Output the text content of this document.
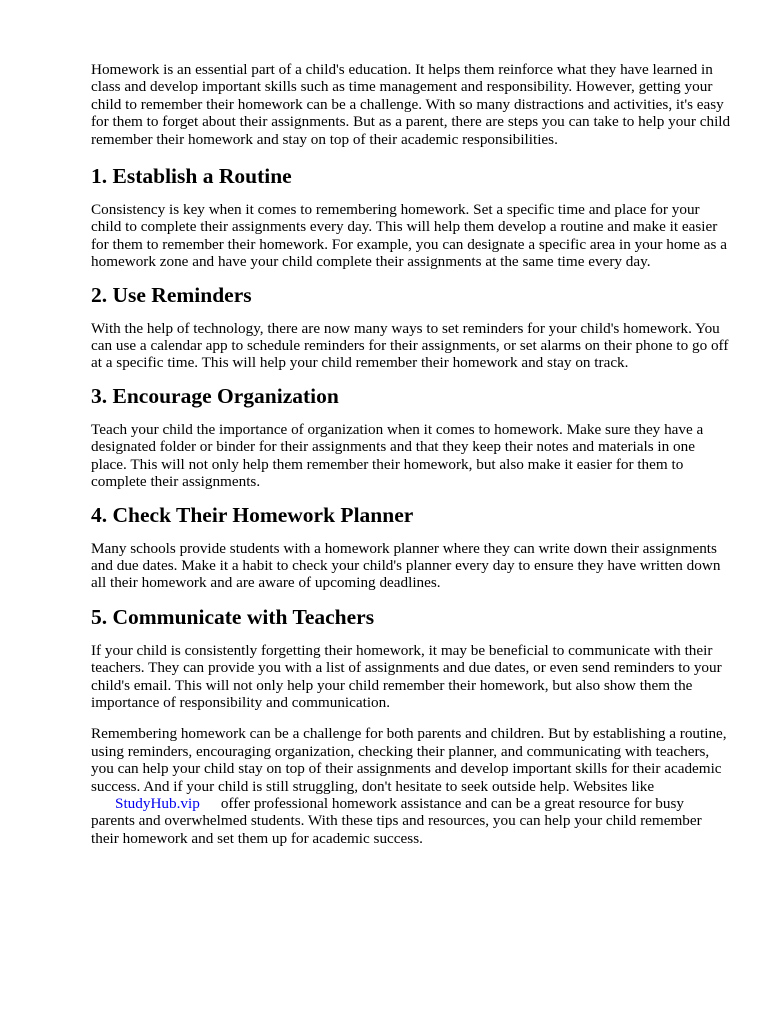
Homework is an essential part of a child's education. It helps them reinforce what they have learned in class and develop important skills such as time management and responsibility. However, getting your child to remember their homework can be a challenge. With so many distractions and activities, it's easy for them to forget about their assignments. But as a parent, there are steps you can take to help your child remember their homework and stay on top of their academic responsibilities.

1. Establish a Routine

Consistency is key when it comes to remembering homework. Set a specific time and place for your child to complete their assignments every day. This will help them develop a routine and make it easier for them to remember their homework. For example, you can designate a specific area in your home as a homework zone and have your child complete their assignments at the same time every day.

2. Use Reminders

With the help of technology, there are now many ways to set reminders for your child's homework. You can use a calendar app to schedule reminders for their assignments, or set alarms on their phone to go off at a specific time. This will help your child remember their homework and stay on track.

3. Encourage Organization

Teach your child the importance of organization when it comes to homework. Make sure they have a designated folder or binder for their assignments and that they keep their notes and materials in one place. This will not only help them remember their homework, but also make it easier for them to complete their assignments.

4. Check Their Homework Planner

Many schools provide students with a homework planner where they can write down their assignments and due dates. Make it a habit to check your child's planner every day to ensure they have written down all their homework and are aware of upcoming deadlines.

5. Communicate with Teachers

If your child is consistently forgetting their homework, it may be beneficial to communicate with their teachers. They can provide you with a list of assignments and due dates, or even send reminders to your child's email. This will not only help your child remember their homework, but also show them the importance of responsibility and communication.

Remembering homework can be a challenge for both parents and children. But by establishing a routine, using reminders, encouraging organization, checking their planner, and communicating with teachers, you can help your child stay on top of their assignments and develop important skills for their academic success. And if your child is still struggling, don't hesitate to seek outside help. Websites likeStudyHub.vip offer professional homework assistance and can be a great resource for busy parents and overwhelmed students. With these tips and resources, you can help your child remember their homework and set them up for academic success.
